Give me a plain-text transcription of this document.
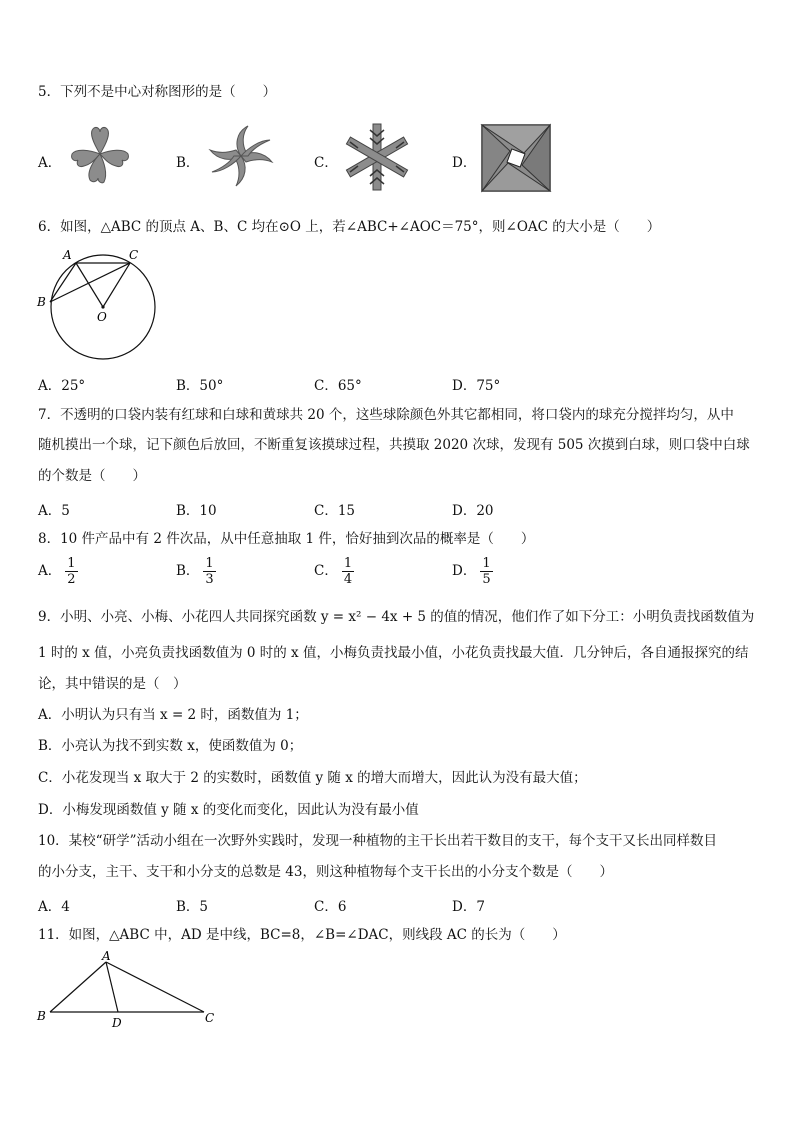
5．下列不是中心对称图形的是（　　）
A．	B．	C．	D．
6．如图，△ABC 的顶点 A、B、C 均在⊙O 上，若∠ABC+∠AOC＝75°，则∠OAC 的大小是（　　）
A	C
B
O
A．25°	B．50°	C．65°	D．75°
7．不透明的口袋内装有红球和白球和黄球共 20 个，这些球除颜色外其它都相同，将口袋内的球充分搅拌均匀，从中
随机摸出一个球，记下颜色后放回，不断重复该摸球过程，共摸取 2020 次球，发现有 505 次摸到白球，则口袋中白球
的个数是（　　）
A．5	B．10	C．15	D．20
8．10 件产品中有 2 件次品，从中任意抽取 1 件，恰好抽到次品的概率是（　　）
A． $\frac{1}{2}$	B． $\frac{1}{3}$	C． $\frac{1}{4}$	D． $\frac{1}{5}$
9．小明、小亮、小梅、小花四人共同探究函数 y = x² − 4x + 5 的值的情况，他们作了如下分工：小明负责找函数值为
1 时的 x 值，小亮负责找函数值为 0 时的 x 值，小梅负责找最小值，小花负责找最大值．几分钟后，各自通报探究的结
论，其中错误的是（　）
A．小明认为只有当 x = 2 时，函数值为 1；
B．小亮认为找不到实数 x，使函数值为 0；
C．小花发现当 x 取大于 2 的实数时，函数值 y 随 x 的增大而增大，因此认为没有最大值；
D．小梅发现函数值 y 随 x 的变化而变化，因此认为没有最小值
10．某校“研学”活动小组在一次野外实践时，发现一种植物的主干长出若干数目的支干，每个支干又长出同样数目
的小分支，主干、支干和小分支的总数是 43，则这种植物每个支干长出的小分支个数是（　　）
A．4	B．5	C．6	D．7
11．如图，△ABC 中，AD 是中线，BC=8，∠B=∠DAC，则线段 AC 的长为（　　）
A
B	D	C
